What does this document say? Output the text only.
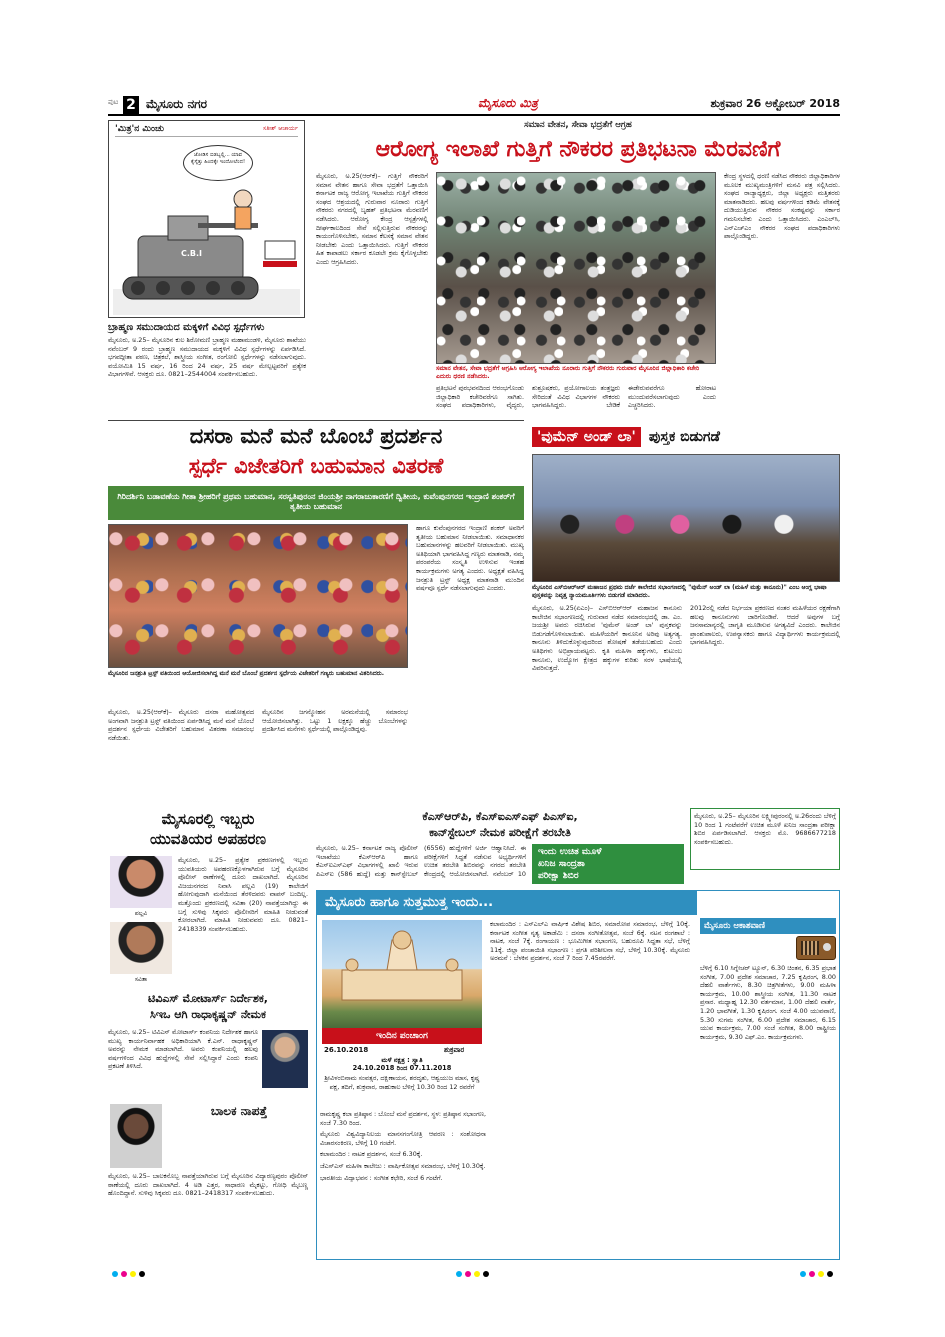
ಪುಟ 2 ಮೈಸೂರು ನಗರ	ಮೈಸೂರು ಮಿತ್ರ	ಶುಕ್ರವಾರ 26 ಅಕ್ಟೋಬರ್ 2018
'ಮಿತ್ರ'ನ ಮಿಂಚು	ಸತೀಶ್ ಆಚಾರ್ಯ
ಜೋಡಿಸ ಬಿಡಬ್ಬಲ್ಲಿ... ಯಾವ ಕೈಸ್ಕೆತ್ತು ಹಿಂದಕ್ಕೇ ಇಂದೋಲೆಂದ!
C.B.I
ಬ್ರಾಹ್ಮಣ ಸಮುದಾಯದ ಮಕ್ಕಳಿಗೆ ವಿವಿಧ ಸ್ಪರ್ಧೆಗಳು
ಮೈಸೂರು, ಅ.25– ಮೈಸೂರಿನ ಕುಲ ಶಿರೋಮಣಿ ಬ್ರಾಹ್ಮಣ ಮಹಾಮಂಡಳಿ, ಮೈಸೂರು ಶಾಖೆಯು ನವೆಂಬರ್ 9 ರಂದು ಬ್ರಾಹ್ಮಣ ಸಮುದಾಯದ ಮಕ್ಕಳಿಗೆ ವಿವಿಧ ಸ್ಪರ್ಧೆಗಳನ್ನು ಏರ್ಪಡಿಸಿದೆ. ಭಗವದ್ಗೀತಾ ಪಠಣ, ಚಿತ್ರಕಲೆ, ಶಾಸ್ತ್ರೀಯ ಸಂಗೀತ, ರಂಗೋಲಿ ಸ್ಪರ್ಧೆಗಳನ್ನು ನಡೆಸಲಾಗುವುದು. ವಯೋಮಿತಿ 15 ವರ್ಷ, 16 ರಿಂದ 24 ವರ್ಷ, 25 ವರ್ಷ ಮೇಲ್ಪಟ್ಟವರಿಗೆ ಪ್ರತ್ಯೇಕ ವಿಭಾಗಗಳಿವೆ. ಆಸಕ್ತರು ದೂ. 0821–2544004 ಸಂಪರ್ಕಿಸಬಹುದು.
ಸಮಾನ ವೇತನ, ಸೇವಾ ಭದ್ರತೆಗೆ ಆಗ್ರಹ
ಆರೋಗ್ಯ ಇಲಾಖೆ ಗುತ್ತಿಗೆ ನೌಕರರ ಪ್ರತಿಭಟನಾ ಮೆರವಣಿಗೆ
ಮೈಸೂರು, ಅ.25(ಆರ್‌ಕೆ)– ಗುತ್ತಿಗೆ ನೌಕರರಿಗೆ ಸಮಾನ ವೇತನ ಹಾಗೂ ಸೇವಾ ಭದ್ರತೆಗೆ ಒತ್ತಾಯಿಸಿ ಕರ್ನಾಟಕ ರಾಜ್ಯ ಆರೋಗ್ಯ ಇಲಾಖೆಯ ಗುತ್ತಿಗೆ ನೌಕರರ ಸಂಘದ ಆಶ್ರಯದಲ್ಲಿ ಗುರುವಾರ ನೂರಾರು ಗುತ್ತಿಗೆ ನೌಕರರು ನಗರದಲ್ಲಿ ಬೃಹತ್ ಪ್ರತಿಭಟನಾ ಮೆರವಣಿಗೆ ನಡೆಸಿದರು. ಆರೋಗ್ಯ ಕೇಂದ್ರ ಆಸ್ಪತ್ರೆಗಳಲ್ಲಿ ದೀರ್ಘಕಾಲದಿಂದ ಸೇವೆ ಸಲ್ಲಿಸುತ್ತಿರುವ ನೌಕರರನ್ನು ಕಾಯಂಗೊಳಿಸಬೇಕು, ಸಮಾನ ಕೆಲಸಕ್ಕೆ ಸಮಾನ ವೇತನ ನೀಡಬೇಕು ಎಂದು ಒತ್ತಾಯಿಸಿದರು. ಗುತ್ತಿಗೆ ನೌಕರರ ಹಿತ ಕಾಪಾಡಲು ಸರ್ಕಾರ ಕೂಡಲೇ ಕ್ರಮ ಕೈಗೊಳ್ಳಬೇಕು ಎಂದು ಆಗ್ರಹಿಸಿದರು.
ಸಮಾನ ವೇತನ, ಸೇವಾ ಭದ್ರತೆಗೆ ಆಗ್ರಹಿಸಿ ಆರೋಗ್ಯ ಇಲಾಖೆಯ ನೂರಾರು ಗುತ್ತಿಗೆ ನೌಕರರು ಗುರುವಾರ ಮೈಸೂರಿನ ಜಿಲ್ಲಾಧಿಕಾರಿ ಕಚೇರಿ ಎದುರು ಧರಣಿ ನಡೆಸಿದರು.
ಪ್ರತಿಭಟನೆ ಪುರಭವನದಿಂದ ಆರಂಭಗೊಂಡು ಜಿಲ್ಲಾಧಿಕಾರಿ ಕಚೇರಿವರೆಗೂ ಸಾಗಿತು. ಸಂಘದ ಪದಾಧಿಕಾರಿಗಳು, ವೈದ್ಯರು, ಶುಶ್ರೂಷಕರು, ಪ್ರಯೋಗಾಲಯ ತಂತ್ರಜ್ಞರು ಸೇರಿದಂತೆ ವಿವಿಧ ವಿಭಾಗಗಳ ನೌಕರರು ಭಾಗವಹಿಸಿದ್ದರು. ಬೇಡಿಕೆ ಈಡೇರುವವರೆಗೂ ಹೋರಾಟ ಮುಂದುವರೆಸಲಾಗುವುದು ಎಂದು ಎಚ್ಚರಿಸಿದರು.
ಕೇಂದ್ರ ಸ್ಥಳದಲ್ಲಿ ಧರಣಿ ನಡೆಸಿದ ನೌಕರರು ಜಿಲ್ಲಾಧಿಕಾರಿಗಳ ಮೂಲಕ ಮುಖ್ಯಮಂತ್ರಿಗಳಿಗೆ ಮನವಿ ಪತ್ರ ಸಲ್ಲಿಸಿದರು. ಸಂಘದ ರಾಜ್ಯಾಧ್ಯಕ್ಷರು, ಜಿಲ್ಲಾ ಅಧ್ಯಕ್ಷರು ಮತ್ತಿತರರು ಮಾತನಾಡಿದರು. ಹಲವು ವರ್ಷಗಳಿಂದ ಕಡಿಮೆ ವೇತನಕ್ಕೆ ದುಡಿಯುತ್ತಿರುವ ನೌಕರರ ಸಂಕಷ್ಟವನ್ನು ಸರ್ಕಾರ ಗಮನಿಸಬೇಕು ಎಂದು ಒತ್ತಾಯಿಸಿದರು. ಎಂಎಲ್‌ಸಿ, ಎನ್‌ಎಚ್‌ಎಂ ನೌಕರರ ಸಂಘದ ಪದಾಧಿಕಾರಿಗಳು ಪಾಲ್ಗೊಂಡಿದ್ದರು.
ದಸರಾ ಮನೆ ಮನೆ ಬೊಂಬೆ ಪ್ರದರ್ಶನ
ಸ್ಪರ್ಧೆ ವಿಜೇತರಿಗೆ ಬಹುಮಾನ ವಿತರಣೆ
ಗಿರಿದರ್ಶಿನಿ ಬಡಾವಣೆಯ ಗೀತಾ ಶ್ರೀಹರಿಗೆ ಪ್ರಥಮ ಬಹುಮಾನ, ಸರಸ್ವತಿಪುರಂನ ಜಿಂಯಶ್ರೀ ನಾಗರಾಜುಕಾರಣಿಗೆ ದ್ವಿತೀಯ, ಕುವೆಂಪುನಗರದ ಇಂದ್ರಾಣಿ ಶಂಕರ್‌ಗೆ ತೃತೀಯ ಬಹುಮಾನ
ಮೈಸೂರಿನ ಜನಶ್ರುತಿ ಟ್ರಸ್ಟ್ ವತಿಯಿಂದ ಆಯೋಜಿಸಲಾಗಿದ್ದ ಮನೆ ಮನೆ ಬೊಂಬೆ ಪ್ರದರ್ಶನ ಸ್ಪರ್ಧೆಯ ವಿಜೇತರಿಗೆ ಗಣ್ಯರು ಬಹುಮಾನ ವಿತರಿಸಿದರು.
ಮೈಸೂರು, ಅ.25(ಆರ್‌ಕೆ)– ಮೈಸೂರು ದಸರಾ ಮಹೋತ್ಸವದ ಅಂಗವಾಗಿ ಜನಶ್ರುತಿ ಟ್ರಸ್ಟ್ ವತಿಯಿಂದ ಏರ್ಪಡಿಸಿದ್ದ ಮನೆ ಮನೆ ಬೊಂಬೆ ಪ್ರದರ್ಶನ ಸ್ಪರ್ಧೆಯ ವಿಜೇತರಿಗೆ ಬಹುಮಾನ ವಿತರಣಾ ಸಮಾರಂಭ ನಡೆಯಿತು.
ಮೈಸೂರಿನ ಜಗನ್ಮೋಹನ ಅರಮನೆಯಲ್ಲಿ ಸಮಾರಂಭ ಆಯೋಜಿಸಲಾಗಿತ್ತು. ಒಟ್ಟು 1 ಲಕ್ಷಕ್ಕೂ ಹೆಚ್ಚು ಬೊಂಬೆಗಳನ್ನು ಪ್ರದರ್ಶಿಸಿದ ಮನೆಗಳು ಸ್ಪರ್ಧೆಯಲ್ಲಿ ಪಾಲ್ಗೊಂಡಿದ್ದವು.
ಹಾಗೂ ಕುವೆಂಪುನಗರದ ಇಂದ್ರಾಣಿ ಶಂಕರ್ ಅವರಿಗೆ ತೃತೀಯ ಬಹುಮಾನ ನೀಡಲಾಯಿತು. ಸಮಾಧಾನಕರ ಬಹುಮಾನಗಳನ್ನು ಹಲವರಿಗೆ ನೀಡಲಾಯಿತು. ಮುಖ್ಯ ಅತಿಥಿಯಾಗಿ ಭಾಗವಹಿಸಿದ್ದ ಗಣ್ಯರು ಮಾತನಾಡಿ, ನಮ್ಮ ಪರಂಪರೆಯ ಸಂಸ್ಕೃತಿ ಉಳಿಸುವ ಇಂತಹ ಕಾರ್ಯಕ್ರಮಗಳು ಅಗತ್ಯ ಎಂದರು. ಅಧ್ಯಕ್ಷತೆ ವಹಿಸಿದ್ದ ಜನಶ್ರುತಿ ಟ್ರಸ್ಟ್ ಅಧ್ಯಕ್ಷ ಮಾತನಾಡಿ ಮುಂದಿನ ವರ್ಷವೂ ಸ್ಪರ್ಧೆ ನಡೆಸಲಾಗುವುದು ಎಂದರು.
'ವುಮೆನ್ ಅಂಡ್ ಲಾ' ಪುಸ್ತಕ ಬಿಡುಗಡೆ
ಮೈಸೂರಿನ ಎಸ್‌ಬಿಆರ್‌ಆರ್ ಮಹಾಜನ ಪ್ರಥಮ ದರ್ಜೆ ಕಾಲೇಜಿನ ಸಭಾಂಗಣದಲ್ಲಿ "ವುಮೆನ್ ಅಂಡ್ ಲಾ (ಮಹಿಳೆ ಮತ್ತು ಕಾನೂನು)" ಎಂಬ ಆಂಗ್ಲ ಭಾಷಾ ಪುಸ್ತಕವನ್ನು ನಿವೃತ್ತ ನ್ಯಾಯಮೂರ್ತಿಗಳು ಬಿಡುಗಡೆ ಮಾಡಿದರು.
ಮೈಸೂರು, ಅ.25(ಏಎಂ)– ಎಸ್‌ಬಿಆರ್‌ಆರ್ ಮಹಾಜನ ಕಾನೂನು ಕಾಲೇಜಿನ ಸಭಾಂಗಣದಲ್ಲಿ ಗುರುವಾರ ನಡೆದ ಸಮಾರಂಭದಲ್ಲಿ ಡಾ. ಎಂ. ಜಯಶ್ರೀ ಅವರು ರಚಿಸಿರುವ 'ವುಮೆನ್ ಅಂಡ್ ಲಾ' ಪುಸ್ತಕವನ್ನು ಬಿಡುಗಡೆಗೊಳಿಸಲಾಯಿತು. ಮಹಿಳೆಯರಿಗೆ ಕಾನೂನಿನ ಅರಿವು ಅತ್ಯಗತ್ಯ. ಕಾನೂನು ತಿಳಿದುಕೊಳ್ಳುವುದರಿಂದ ಶೋಷಣೆ ತಡೆಯಬಹುದು ಎಂದು ಅತಿಥಿಗಳು ಅಭಿಪ್ರಾಯಪಟ್ಟರು. ಕೃತಿ ಮಹಿಳಾ ಹಕ್ಕುಗಳು, ಕುಟುಂಬ ಕಾನೂನು, ಉದ್ಯೋಗ ಕ್ಷೇತ್ರದ ಹಕ್ಕುಗಳ ಕುರಿತು ಸರಳ ಭಾಷೆಯಲ್ಲಿ ವಿವರಿಸುತ್ತದೆ.
2012ರಲ್ಲಿ ನಡೆದ ನಿರ್ಭಯಾ ಪ್ರಕರಣದ ನಂತರ ಮಹಿಳೆಯರ ರಕ್ಷಣೆಗಾಗಿ ಹಲವು ಕಾನೂನುಗಳು ಜಾರಿಗೊಂಡಿವೆ. ಆದರೆ ಅವುಗಳ ಬಗ್ಗೆ ಜನಸಾಮಾನ್ಯರಲ್ಲಿ ಜಾಗೃತಿ ಮೂಡಿಸುವ ಅಗತ್ಯವಿದೆ ಎಂದರು. ಕಾಲೇಜಿನ ಪ್ರಾಂಶುಪಾಲರು, ಉಪನ್ಯಾಸಕರು ಹಾಗೂ ವಿದ್ಯಾರ್ಥಿಗಳು ಕಾರ್ಯಕ್ರಮದಲ್ಲಿ ಭಾಗವಹಿಸಿದ್ದರು.
ಇಂದು ಉಚಿತ ಮೂಳೆ
ಖನಿಜ ಸಾಂದ್ರತಾ
ಪರೀಕ್ಷಾ ಶಿಬಿರ
ಮೈಸೂರು, ಅ.25– ಮೈಸೂರಿನ ಲಕ್ಷ್ಮೀಪುರಂನಲ್ಲಿ ಅ.26ರಂದು ಬೆಳಿಗ್ಗೆ 10 ರಿಂದ 1 ಗಂಟೆವರೆಗೆ ಉಚಿತ ಮೂಳೆ ಖನಿಜ ಸಾಂದ್ರತಾ ಪರೀಕ್ಷಾ ಶಿಬಿರ ಏರ್ಪಡಿಸಲಾಗಿದೆ. ಆಸಕ್ತರು ಮೊ. 9686677218 ಸಂಪರ್ಕಿಸಬಹುದು.
ಮೈಸೂರಲ್ಲಿ ಇಬ್ಬರು
ಯುವತಿಯರ ಅಪಹರಣ
ಪಲ್ಲವಿ
ಸವಿತಾ
ಮೈಸೂರು, ಅ.25– ಪ್ರತ್ಯೇಕ ಪ್ರಕರಣಗಳಲ್ಲಿ ಇಬ್ಬರು ಯುವತಿಯರು ಅಪಹರಣಕ್ಕೊಳಗಾಗಿರುವ ಬಗ್ಗೆ ಮೈಸೂರಿನ ಪೊಲೀಸ್ ಠಾಣೆಗಳಲ್ಲಿ ದೂರು ದಾಖಲಾಗಿದೆ. ಮೈಸೂರಿನ ವಿಜಯನಗರದ ನಿವಾಸಿ ಪಲ್ಲವಿ (19) ಕಾಲೇಜಿಗೆ ಹೋಗುವುದಾಗಿ ಮನೆಯಿಂದ ತೆರಳಿದವರು ವಾಪಸ್ ಬಂದಿಲ್ಲ. ಮತ್ತೊಂದು ಪ್ರಕರಣದಲ್ಲಿ ಸವಿತಾ (20) ನಾಪತ್ತೆಯಾಗಿದ್ದು ಈ ಬಗ್ಗೆ ಸುಳಿವು ಸಿಕ್ಕವರು ಪೊಲೀಸರಿಗೆ ಮಾಹಿತಿ ನೀಡುವಂತೆ ಕೋರಲಾಗಿದೆ. ಮಾಹಿತಿ ನೀಡುವವರು ದೂ. 0821–2418339 ಸಂಪರ್ಕಿಸಬಹುದು.
ಟಿವಿಎಸ್ ಮೋಟಾರ್ಸ್ ನಿರ್ದೇಶಕ,
ಸಿಇಒ ಆಗಿ ರಾಧಾಕೃಷ್ಣನ್ ನೇಮಕ
ಮೈಸೂರು, ಅ.25– ಟಿವಿಎಸ್ ಮೋಟಾರ್ಸ್ ಕಂಪನಿಯ ನಿರ್ದೇಶಕ ಹಾಗೂ ಮುಖ್ಯ ಕಾರ್ಯನಿರ್ವಾಹಕ ಅಧಿಕಾರಿಯಾಗಿ ಕೆ.ಎನ್. ರಾಧಾಕೃಷ್ಣನ್ ಅವರನ್ನು ನೇಮಕ ಮಾಡಲಾಗಿದೆ. ಅವರು ಕಂಪನಿಯಲ್ಲಿ ಹಲವು ವರ್ಷಗಳಿಂದ ವಿವಿಧ ಹುದ್ದೆಗಳಲ್ಲಿ ಸೇವೆ ಸಲ್ಲಿಸಿದ್ದಾರೆ ಎಂದು ಕಂಪನಿ ಪ್ರಕಟಣೆ ತಿಳಿಸಿದೆ.
ಬಾಲಕ ನಾಪತ್ತೆ
ಮೈಸೂರು, ಅ.25– ಬಾಲಕನೊಬ್ಬ ನಾಪತ್ತೆಯಾಗಿರುವ ಬಗ್ಗೆ ಮೈಸೂರಿನ ವಿದ್ಯಾರಣ್ಯಪುರಂ ಪೊಲೀಸ್ ಠಾಣೆಯಲ್ಲಿ ದೂರು ದಾಖಲಾಗಿದೆ. 4 ಅಡಿ ಎತ್ತರ, ಸಾಧಾರಣ ಮೈಕಟ್ಟು, ಗೋಧಿ ಮೈಬಣ್ಣ ಹೊಂದಿದ್ದಾನೆ. ಸುಳಿವು ಸಿಕ್ಕವರು ದೂ. 0821–2418317 ಸಂಪರ್ಕಿಸಬಹುದು.
ಕೆಎಸ್‌ಆರ್‌ಪಿ, ಕೆಎಸ್‌ಐಎಸ್‌ಎಫ್ ಪಿಎಸ್‌ಐ,
ಕಾನ್‌ಸ್ಟೇಬಲ್ ನೇಮಕ ಪರೀಕ್ಷೆಗೆ ತರಬೇತಿ
ಮೈಸೂರು, ಅ.25– ಕರ್ನಾಟಕ ರಾಜ್ಯ ಪೊಲೀಸ್ ಇಲಾಖೆಯು ಕೆಎಸ್‌ಆರ್‌ಪಿ ಹಾಗೂ ಕೆಎಸ್‌ಐಎಸ್‌ಎಫ್ ವಿಭಾಗಗಳಲ್ಲಿ ಖಾಲಿ ಇರುವ ಪಿಎಸ್‌ಐ (586 ಹುದ್ದೆ) ಮತ್ತು ಕಾನ್‌ಸ್ಟೇಬಲ್ (6556) ಹುದ್ದೆಗಳಿಗೆ ಅರ್ಜಿ ಆಹ್ವಾನಿಸಿದೆ. ಈ ಪರೀಕ್ಷೆಗಳಿಗೆ ಸಿದ್ಧತೆ ನಡೆಸುವ ಅಭ್ಯರ್ಥಿಗಳಿಗೆ ಉಚಿತ ತರಬೇತಿ ಶಿಬಿರವನ್ನು ನಗರದ ತರಬೇತಿ ಕೇಂದ್ರದಲ್ಲಿ ಆಯೋಜಿಸಲಾಗಿದೆ. ನವೆಂಬರ್ 10
ಮೈಸೂರು ಹಾಗೂ ಸುತ್ತಮುತ್ತ ಇಂದು...
ಇಂದಿನ ಪಂಚಾಂಗ
26.10.2018	ಶುಕ್ರವಾರ
ಮಳೆ ನಕ್ಷತ್ರ : ಸ್ವಾತಿ
24.10.2018 ರಿಂದ 07.11.2018
ಶ್ರೀವಿಳಂಬಿನಾಮ ಸಂವತ್ಸರ, ದಕ್ಷಿಣಾಯನ, ಶರದೃತು, ಆಶ್ವಯುಜ ಮಾಸ, ಕೃಷ್ಣ ಪಕ್ಷ, ತದಿಗೆ, ಶುಕ್ರವಾರ, ರಾಹುಕಾಲ ಬೆಳಿಗ್ಗೆ 10.30 ರಿಂದ 12 ರವರೆಗೆ
ರಾಮಕೃಷ್ಣ ಕಲಾ ಪ್ರತಿಷ್ಠಾನ : ಬೊಂಬೆ ಮನೆ ಪ್ರದರ್ಶನ, ಸ್ಥಳ: ಪ್ರತಿಷ್ಠಾನ ಸಭಾಂಗಣ, ಸಂಜೆ 7.30 ರಿಂದ.
ಮೈಸೂರು ವಿಶ್ವವಿದ್ಯಾನಿಲಯ ಮಾನಸಗಂಗೋತ್ರಿ ಆವರಣ : ಸಂಶೋಧನಾ ವಿಚಾರಸಂಕಿರಣ, ಬೆಳಿಗ್ಗೆ 10 ಗಂಟೆಗೆ.
ಕಲಾಮಂದಿರ : ನಾಟಕ ಪ್ರದರ್ಶನ, ಸಂಜೆ 6.30ಕ್ಕೆ.
ಜೆಎಸ್‌ಎಸ್ ಮಹಿಳಾ ಕಾಲೇಜು : ವಾರ್ಷಿಕೋತ್ಸವ ಸಮಾರಂಭ, ಬೆಳಿಗ್ಗೆ 10.30ಕ್ಕೆ.
ಭಾರತೀಯ ವಿದ್ಯಾಭವನ : ಸಂಗೀತ ಕಛೇರಿ, ಸಂಜೆ 6 ಗಂಟೆಗೆ.
ಕಲಾಮಂದಿರ : ಎಸ್‌ಎಲ್‌ಎ ವಾರ್ಷಿಕ ವಿಶೇಷ ಶಿಬಿರ, ಸಮಾರೋಪ ಸಮಾರಂಭ, ಬೆಳಿಗ್ಗೆ 10ಕ್ಕೆ. ಕರ್ನಾಟಕ ಸಂಗೀತ ನೃತ್ಯ ಅಕಾಡೆಮಿ : ದಸರಾ ಸಂಗೀತೋತ್ಸವ, ಸಂಜೆ 6ಕ್ಕೆ. ನಟನ ರಂಗಶಾಲೆ : ನಾಟಕ, ಸಂಜೆ 7ಕ್ಕೆ. ರಂಗಾಯಣ : ಭೂಮಿಗೀತ ಸಭಾಂಗಣ, ಬಹುರೂಪಿ ಸಿದ್ಧತಾ ಸಭೆ, ಬೆಳಿಗ್ಗೆ 11ಕ್ಕೆ. ಜಿಲ್ಲಾ ಪಂಚಾಯಿತಿ ಸಭಾಂಗಣ : ಪ್ರಗತಿ ಪರಿಶೀಲನಾ ಸಭೆ, ಬೆಳಿಗ್ಗೆ 10.30ಕ್ಕೆ. ಮೈಸೂರು ಅರಮನೆ : ಬೆಳಕಿನ ಪ್ರದರ್ಶನ, ಸಂಜೆ 7 ರಿಂದ 7.45ರವರೆಗೆ.
ಮೈಸೂರು ಆಕಾಶವಾಣಿ
ಬೆಳಿಗ್ಗೆ 6.10 ಸಿಗ್ನೇಚರ್ ಟ್ಯೂನ್, 6.30 ಚಿಂತನ, 6.35 ಪ್ರಭಾತ ಸಂಗೀತ, 7.00 ಪ್ರದೇಶ ಸಮಾಚಾರ, 7.25 ಕೃಷಿರಂಗ, 8.00 ದೆಹಲಿ ವಾರ್ತೆಗಳು, 8.30 ಚಿತ್ರಗೀತೆಗಳು, 9.00 ಮಹಿಳಾ ಕಾರ್ಯಕ್ರಮ, 10.00 ಶಾಸ್ತ್ರೀಯ ಸಂಗೀತ, 11.30 ನಾಟಕ ಪ್ರಸಾರ. ಮಧ್ಯಾಹ್ನ 12.30 ವರ್ತಮಾನ, 1.00 ದೆಹಲಿ ವಾರ್ತೆ, 1.20 ಭಾವಗೀತೆ, 1.30 ಕೃಷಿರಂಗ. ಸಂಜೆ 4.00 ಯುವವಾಣಿ, 5.30 ಸುಗಮ ಸಂಗೀತ, 6.00 ಪ್ರದೇಶ ಸಮಾಚಾರ, 6.15 ಯುವ ಕಾರ್ಯಕ್ರಮ, 7.00 ಸಂಜೆ ಸಂಗೀತ, 8.00 ರಾಷ್ಟ್ರೀಯ ಕಾರ್ಯಕ್ರಮ, 9.30 ಎಫ್.ಎಂ. ಕಾರ್ಯಕ್ರಮಗಳು.
